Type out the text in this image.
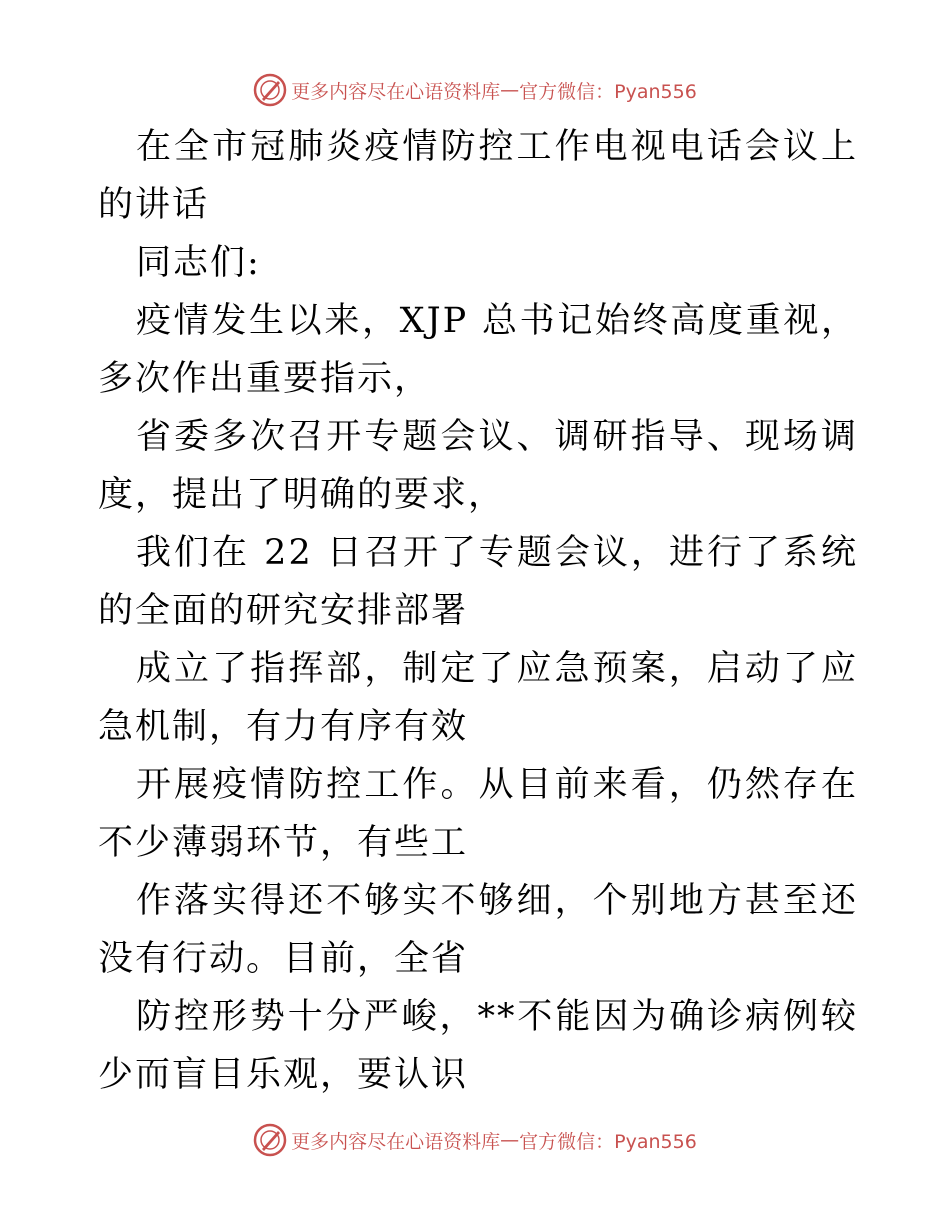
更多内容尽在心语资料库 — 官方微信：Pyan556

在全市冠肺炎疫情防控工作电视电话会议上的讲话

同志们:

疫情发生以来，XJP 总书记始终高度重视，多次作出重要指示，

省委多次召开专题会议、调研指导、现场调度，提出了明确的要求，

我们在 22 日召开了专题会议，进行了系统的全面的研究安排部署

成立了指挥部，制定了应急预案，启动了应急机制，有力有序有效

开展疫情防控工作。从目前来看，仍然存在不少薄弱环节，有些工

作落实得还不够实不够细，个别地方甚至还没有行动。目前，全省

防控形势十分严峻，**不能因为确诊病例较少而盲目乐观，要认识

更多内容尽在心语资料库 — 官方微信：Pyan556
